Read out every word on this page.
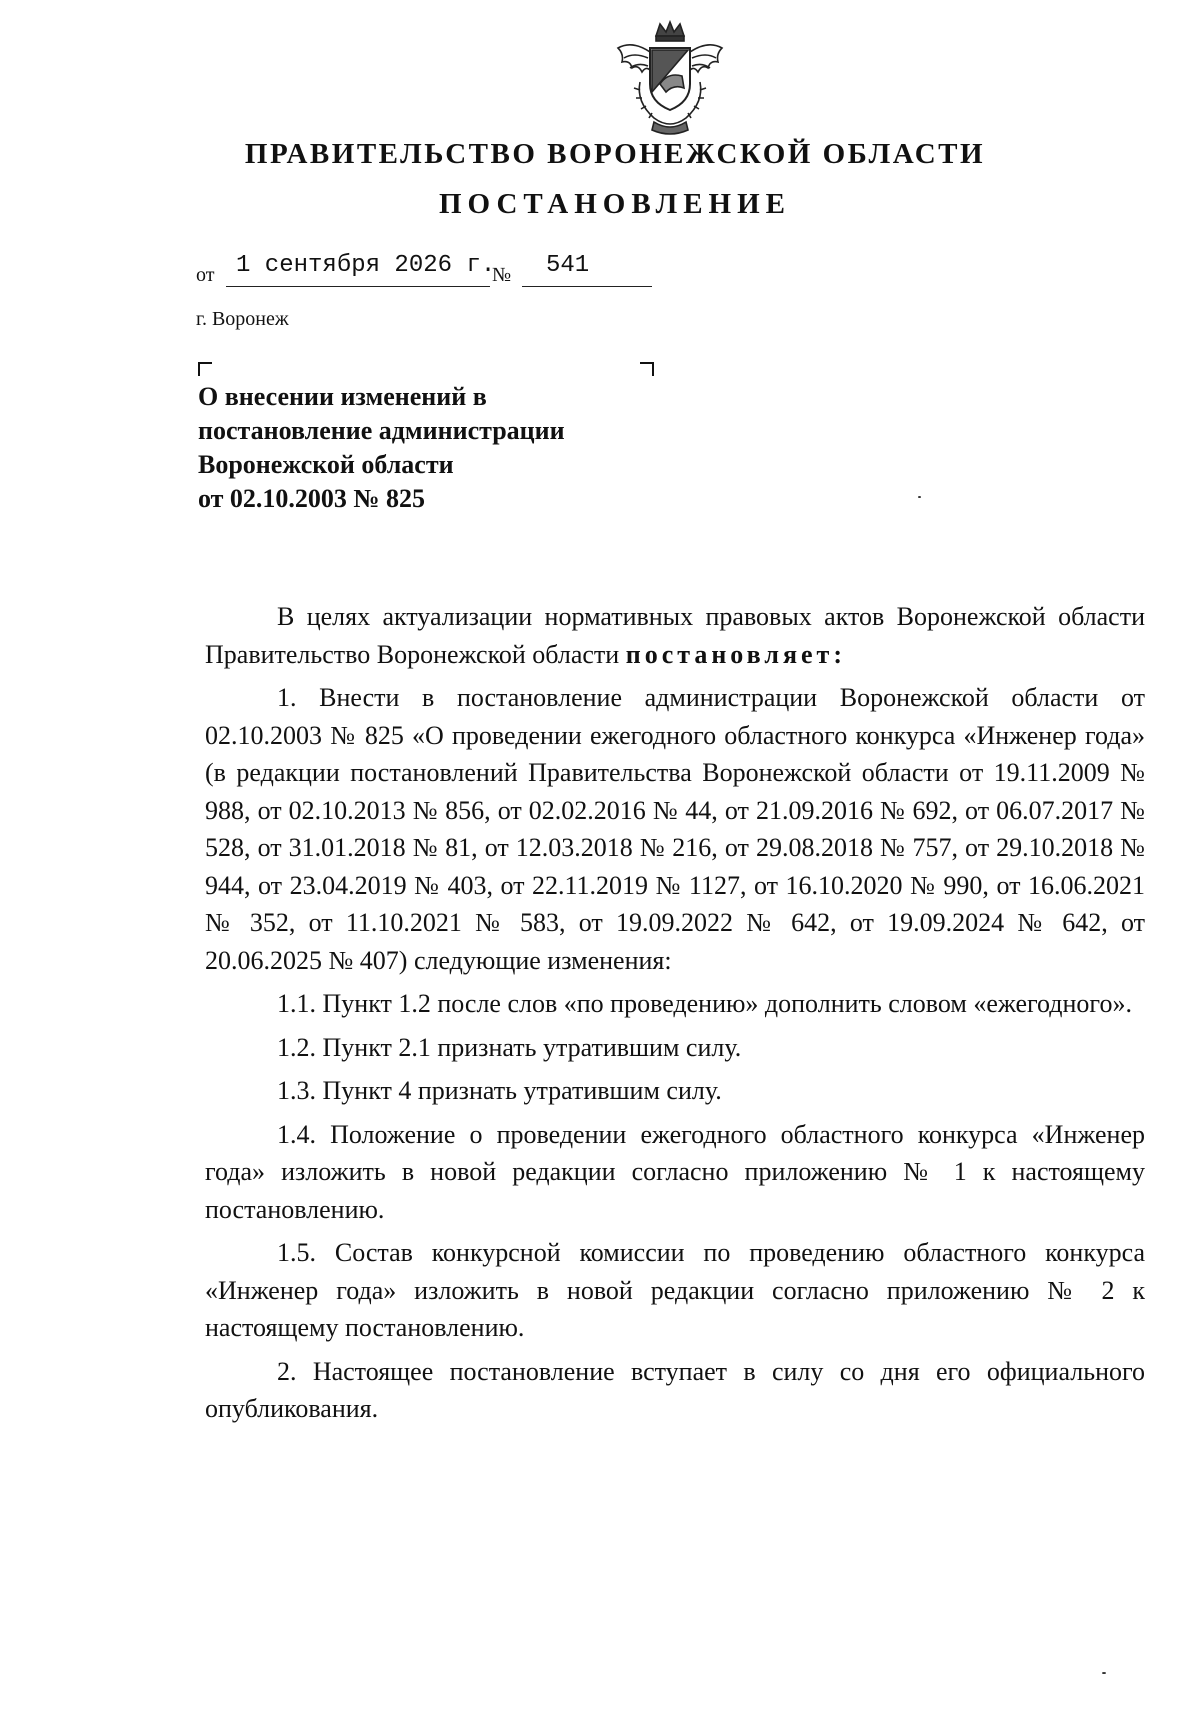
ПРАВИТЕЛЬСТВО ВОРОНЕЖСКОЙ ОБЛАСТИ
ПОСТАНОВЛЕНИЕ
от 1 сентября 2026 г.
№ 541
г. Воронеж
О внесении изменений в
постановление администрации
Воронежской области
от 02.10.2003 № 825

В целях актуализации нормативных правовых актов Воронежской области Правительство Воронежской области постановляет:

1. Внести в постановление администрации Воронежской области от 02.10.2003 № 825 «О проведении ежегодного областного конкурса «Инженер года» (в редакции постановлений Правительства Воронежской области от 19.11.2009 № 988, от 02.10.2013 № 856, от 02.02.2016 № 44, от 21.09.2016 № 692, от 06.07.2017 № 528, от 31.01.2018 № 81, от 12.03.2018 № 216, от 29.08.2018 № 757, от 29.10.2018 № 944, от 23.04.2019 № 403, от 22.11.2019 № 1127, от 16.10.2020 № 990, от 16.06.2021 № 352, от 11.10.2021 № 583, от 19.09.2022 № 642, от 19.09.2024 № 642, от 20.06.2025 № 407) следующие изменения:

1.1. Пункт 1.2 после слов «по проведению» дополнить словом «ежегодного».

1.2. Пункт 2.1 признать утратившим силу.

1.3. Пункт 4 признать утратившим силу.

1.4. Положение о проведении ежегодного областного конкурса «Инженер года» изложить в новой редакции согласно приложению № 1 к настоящему постановлению.

1.5. Состав конкурсной комиссии по проведению областного конкурса «Инженер года» изложить в новой редакции согласно приложению № 2 к настоящему постановлению.

2. Настоящее постановление вступает в силу со дня его официального опубликования.
